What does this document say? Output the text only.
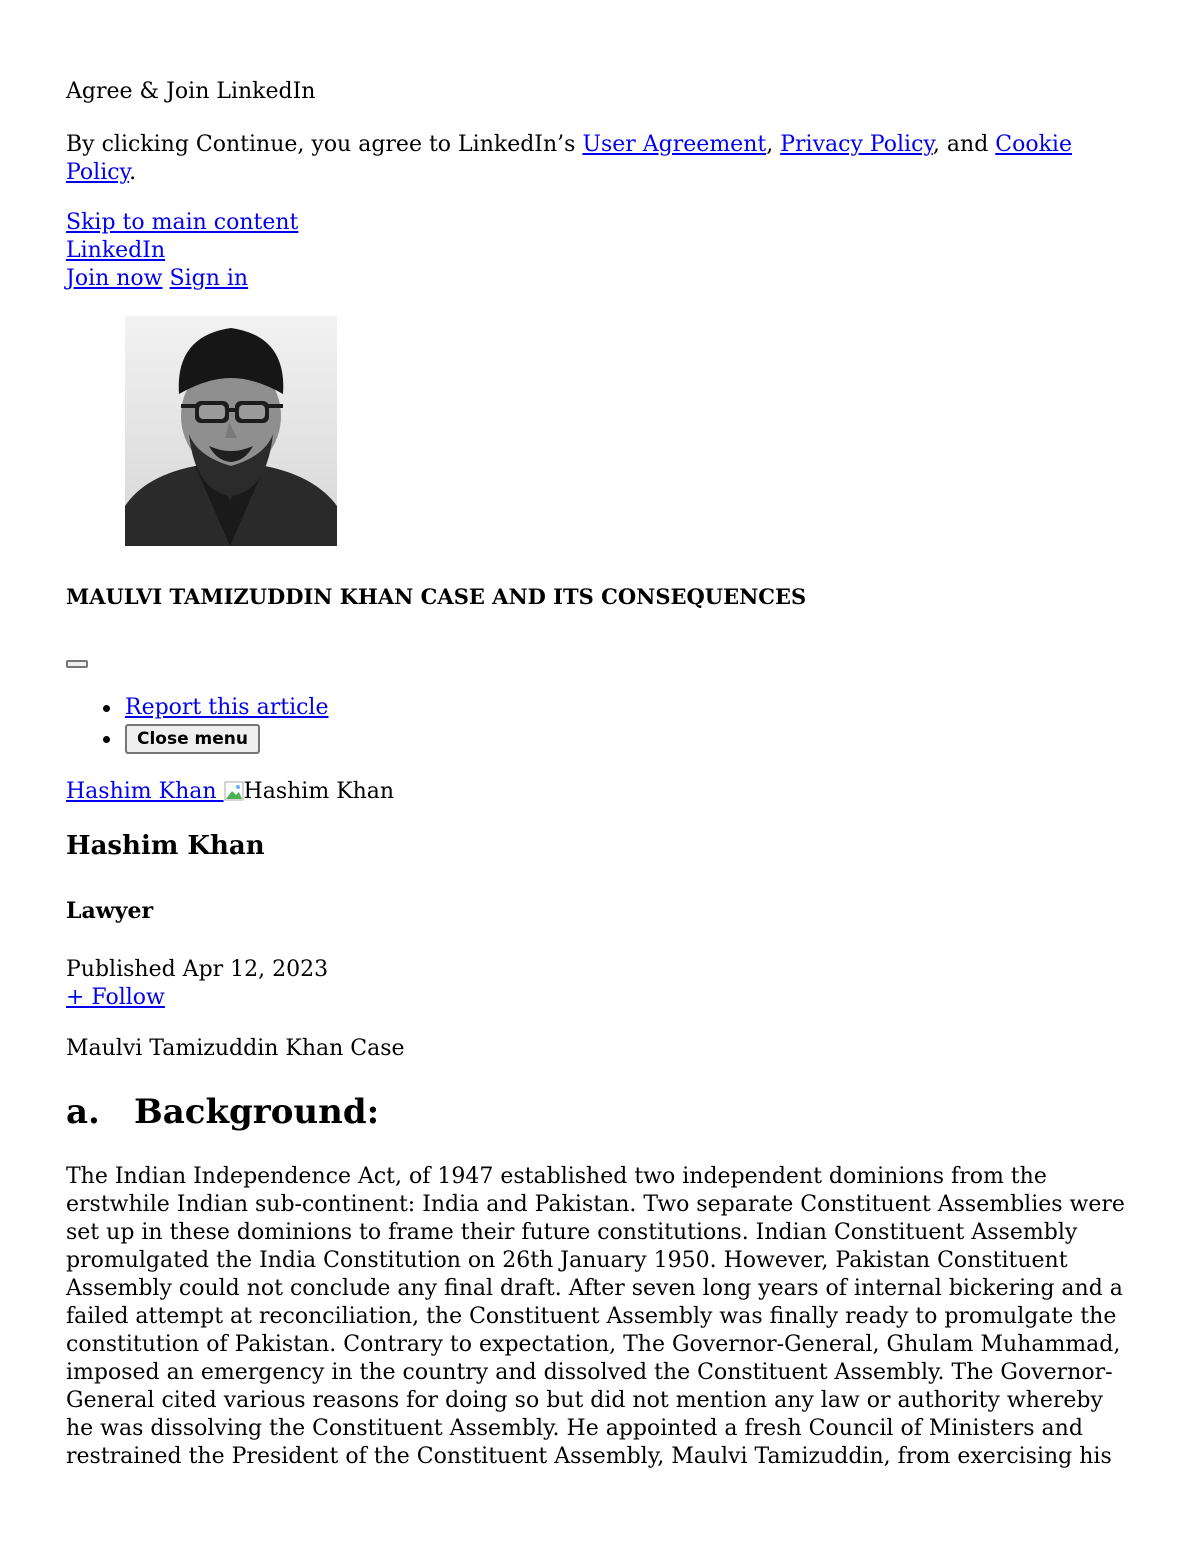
Agree & Join LinkedIn
By clicking Continue, you agree to LinkedIn’s User Agreement, Privacy Policy, and Cookie Policy.
Skip to main content
LinkedIn
Join now Sign in
MAULVI TAMIZUDDIN KHAN CASE AND ITS CONSEQUENCES
Report this article
Close menu
Hashim Khan Hashim Khan
Hashim Khan
Lawyer
Published Apr 12, 2023
+ Follow
Maulvi Tamizuddin Khan Case
a. Background:

The Indian Independence Act, of 1947 established two independent dominions from the erstwhile Indian sub-continent: India and Pakistan. Two separate Constituent Assemblies were set up in these dominions to frame their future constitutions. Indian Constituent Assembly promulgated the India Constitution on 26th January 1950. However, Pakistan Constituent Assembly could not conclude any final draft. After seven long years of internal bickering and a failed attempt at reconciliation, the Constituent Assembly was finally ready to promulgate the constitution of Pakistan. Contrary to expectation, The Governor-General, Ghulam Muhammad, imposed an emergency in the country and dissolved the Constituent Assembly. The Governor-General cited various reasons for doing so but did not mention any law or authority whereby he was dissolving the Constituent Assembly. He appointed a fresh Council of Ministers and restrained the President of the Constituent Assembly, Maulvi Tamizuddin, from exercising his
